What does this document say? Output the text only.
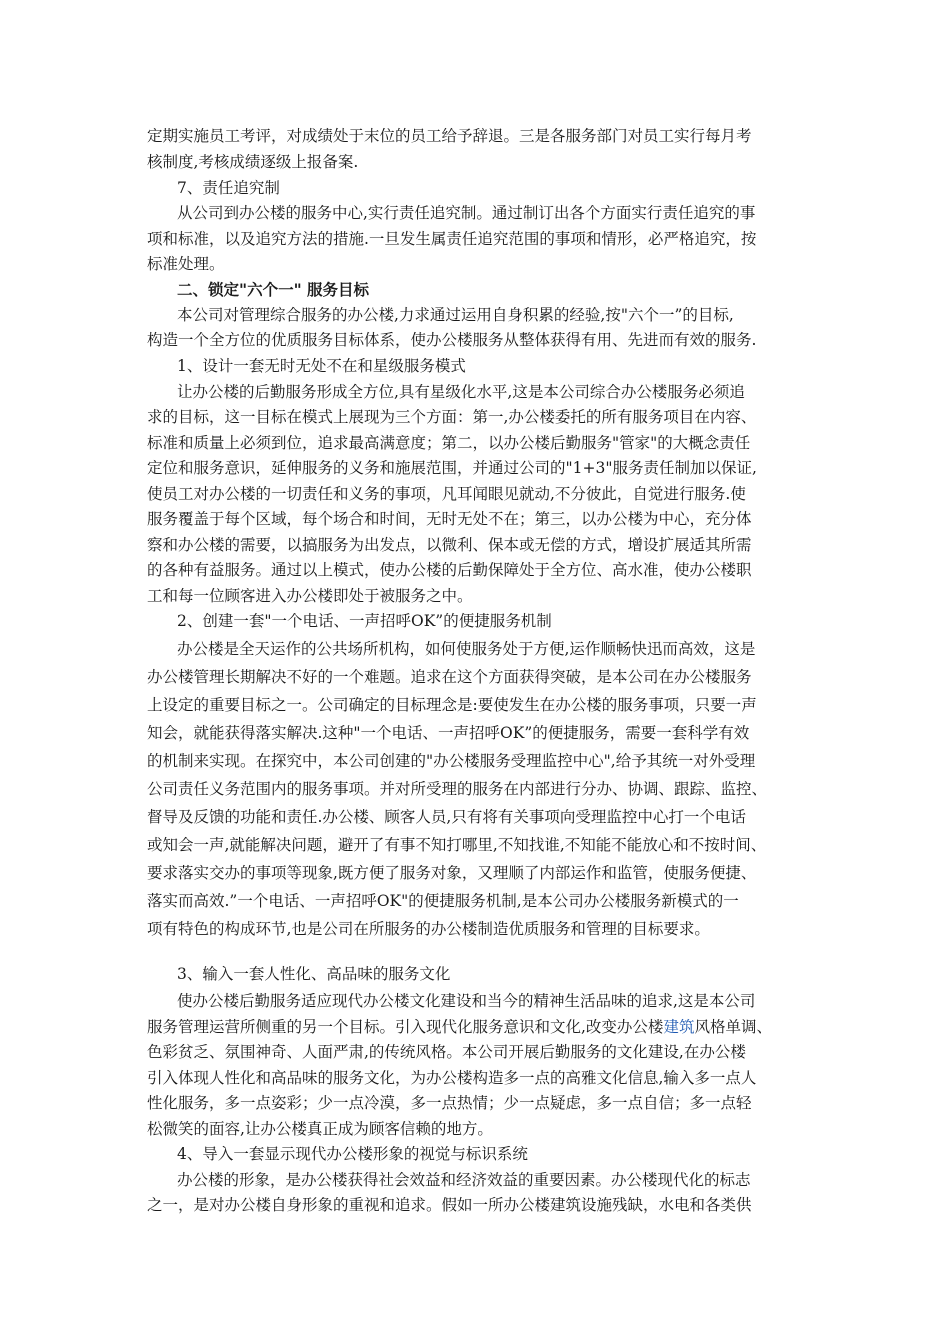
定期实施员工考评，对成绩处于末位的员工给予辞退。三是各服务部门对员工实行每月考
核制度,考核成绩逐级上报备案.
7、责任追究制
从公司到办公楼的服务中心,实行责任追究制。通过制订出各个方面实行责任追究的事
项和标准，以及追究方法的措施.一旦发生属责任追究范围的事项和情形，必严格追究，按
标准处理。
二、锁定"六个一" 服务目标
本公司对管理综合服务的办公楼,力求通过运用自身积累的经验,按"六个一”的目标,
构造一个全方位的优质服务目标体系，使办公楼服务从整体获得有用、先进而有效的服务.
1、设计一套无时无处不在和星级服务模式
让办公楼的后勤服务形成全方位,具有星级化水平,这是本公司综合办公楼服务必须追
求的目标，这一目标在模式上展现为三个方面：第一,办公楼委托的所有服务项目在内容、
标准和质量上必须到位，追求最高满意度；第二，以办公楼后勤服务"管家"的大概念责任
定位和服务意识，延伸服务的义务和施展范围，并通过公司的"1+3"服务责任制加以保证,
使员工对办公楼的一切责任和义务的事项，凡耳闻眼见就动,不分彼此，自觉进行服务.使
服务覆盖于每个区域，每个场合和时间，无时无处不在；第三，以办公楼为中心，充分体
察和办公楼的需要，以搞服务为出发点，以微利、保本或无偿的方式，增设扩展适其所需
的各种有益服务。通过以上模式，使办公楼的后勤保障处于全方位、高水准，使办公楼职
工和每一位顾客进入办公楼即处于被服务之中。
2、创建一套"一个电话、一声招呼OK”的便捷服务机制
办公楼是全天运作的公共场所机构，如何使服务处于方便,运作顺畅快迅而高效，这是
办公楼管理长期解决不好的一个难题。追求在这个方面获得突破，是本公司在办公楼服务
上设定的重要目标之一。公司确定的目标理念是:要使发生在办公楼的服务事项，只要一声
知会，就能获得落实解决.这种"一个电话、一声招呼OK”的便捷服务，需要一套科学有效
的机制来实现。在探究中，本公司创建的"办公楼服务受理监控中心",给予其统一对外受理
公司责任义务范围内的服务事项。并对所受理的服务在内部进行分办、协调、跟踪、监控、
督导及反馈的功能和责任.办公楼、顾客人员,只有将有关事项向受理监控中心打一个电话
或知会一声,就能解决问题，避开了有事不知打哪里,不知找谁,不知能不能放心和不按时间、
要求落实交办的事项等现象,既方便了服务对象，又理顺了内部运作和监管，使服务便捷、
落实而高效.”一个电话、一声招呼OK"的便捷服务机制,是本公司办公楼服务新模式的一
项有特色的构成环节,也是公司在所服务的办公楼制造优质服务和管理的目标要求。
3、输入一套人性化、高品味的服务文化
使办公楼后勤服务适应现代办公楼文化建设和当今的精神生活品味的追求,这是本公司
服务管理运营所侧重的另一个目标。引入现代化服务意识和文化,改变办公楼建筑风格单调、
色彩贫乏、氛围神奇、人面严肃,的传统风格。本公司开展后勤服务的文化建设,在办公楼
引入体现人性化和高品味的服务文化，为办公楼构造多一点的高雅文化信息,输入多一点人
性化服务，多一点姿彩；少一点冷漠，多一点热情；少一点疑虑，多一点自信；多一点轻
松微笑的面容,让办公楼真正成为顾客信赖的地方。
4、导入一套显示现代办公楼形象的视觉与标识系统
办公楼的形象，是办公楼获得社会效益和经济效益的重要因素。办公楼现代化的标志
之一，是对办公楼自身形象的重视和追求。假如一所办公楼建筑设施残缺，水电和各类供
